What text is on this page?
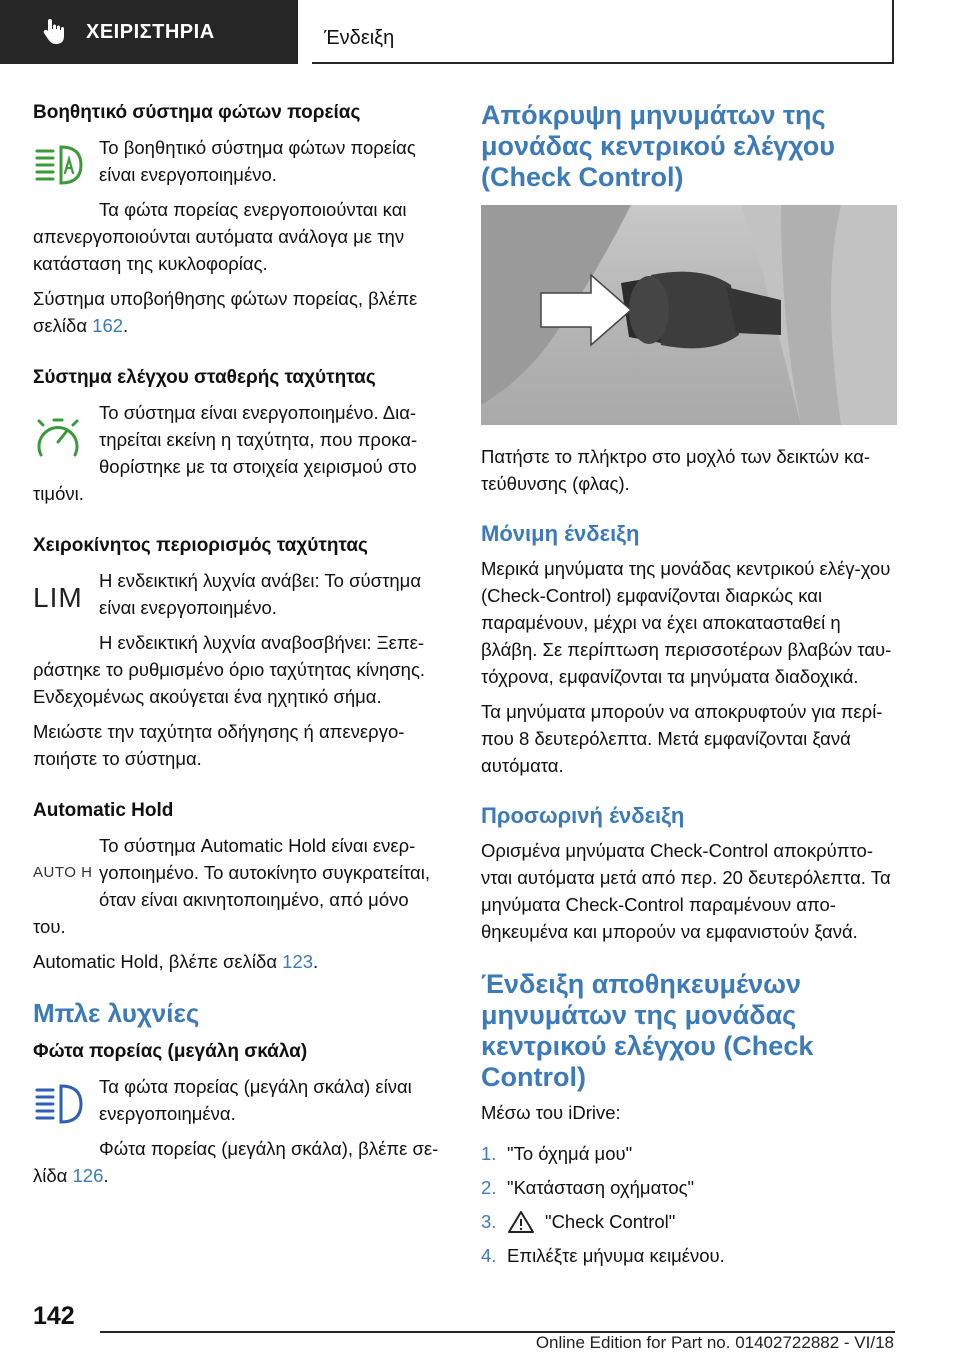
ΧΕΙΡΙΣΤΗΡΙΑ	Ένδειξη
Βοηθητικό σύστημα φώτων πορείας

Το βοηθητικό σύστημα φώτων πορείας είναι ενεργοποιημένο.

Τα φώτα πορείας ενεργοποιούνται και

απενεργοποιούνται αυτόματα ανάλογα με την κατάσταση της κυκλοφορίας.

Σύστημα υποβοήθησης φώτων πορείας, βλέπε σελίδα 162.

Σύστημα ελέγχου σταθερής ταχύτητας

Το σύστημα είναι ενεργοποιημένο. Δια-τηρείται εκείνη η ταχύτητα, που προκα-θορίστηκε με τα στοιχεία χειρισμού στο

τιμόνι.

Χειροκίνητος περιορισμός ταχύτητας
LIM

Η ενδεικτική λυχνία ανάβει: Το σύστημα είναι ενεργοποιημένο.

Η ενδεικτική λυχνία αναβοσβήνει: Ξεπε-

ράστηκε το ρυθμισμένο όριο ταχύτητας κίνησης. Ενδεχομένως ακούγεται ένα ηχητικό σήμα.

Μειώστε την ταχύτητα οδήγησης ή απενεργο-ποιήστε το σύστημα.

Automatic Hold
AUTO H

Το σύστημα Automatic Hold είναι ενερ-γοποιημένο. Το αυτοκίνητο συγκρατείται, όταν είναι ακινητοποιημένο, από μόνο

του.

Automatic Hold, βλέπε σελίδα 123.

Μπλε λυχνίες
Φώτα πορείας (μεγάλη σκάλα)

Τα φώτα πορείας (μεγάλη σκάλα) είναι ενεργοποιημένα.

Φώτα πορείας (μεγάλη σκάλα), βλέπε σε-

λίδα 126.

Απόκρυψη μηνυμάτων της μονάδας κεντρικού ελέγχου (Check Control)

Πατήστε το πλήκτρο στο μοχλό των δεικτών κα-τεύθυνσης (φλας).

Μόνιμη ένδειξη

Μερικά μηνύματα της μονάδας κεντρικού ελέγ-χου (Check-Control) εμφανίζονται διαρκώς και παραμένουν, μέχρι να έχει αποκατασταθεί η βλάβη. Σε περίπτωση περισσοτέρων βλαβών ταυ-τόχρονα, εμφανίζονται τα μηνύματα διαδοχικά.

Τα μηνύματα μπορούν να αποκρυφτούν για περί-που 8 δευτερόλεπτα. Μετά εμφανίζονται ξανά αυτόματα.

Προσωρινή ένδειξη

Ορισμένα μηνύματα Check-Control αποκρύπτο-νται αυτόματα μετά από περ. 20 δευτερόλεπτα. Τα μηνύματα Check-Control παραμένουν απο-θηκευμένα και μπορούν να εμφανιστούν ξανά.

Ένδειξη αποθηκευμένων μηνυμάτων της μονάδας κεντρικού ελέγχου (Check Control)

Μέσω του iDrive:

1. "Το όχημά μου"
2. "Κατάσταση οχήματος"
3.	"Check Control"
4. Επιλέξτε μήνυμα κειμένου.
142
Online Edition for Part no. 01402722882 - VI/18
